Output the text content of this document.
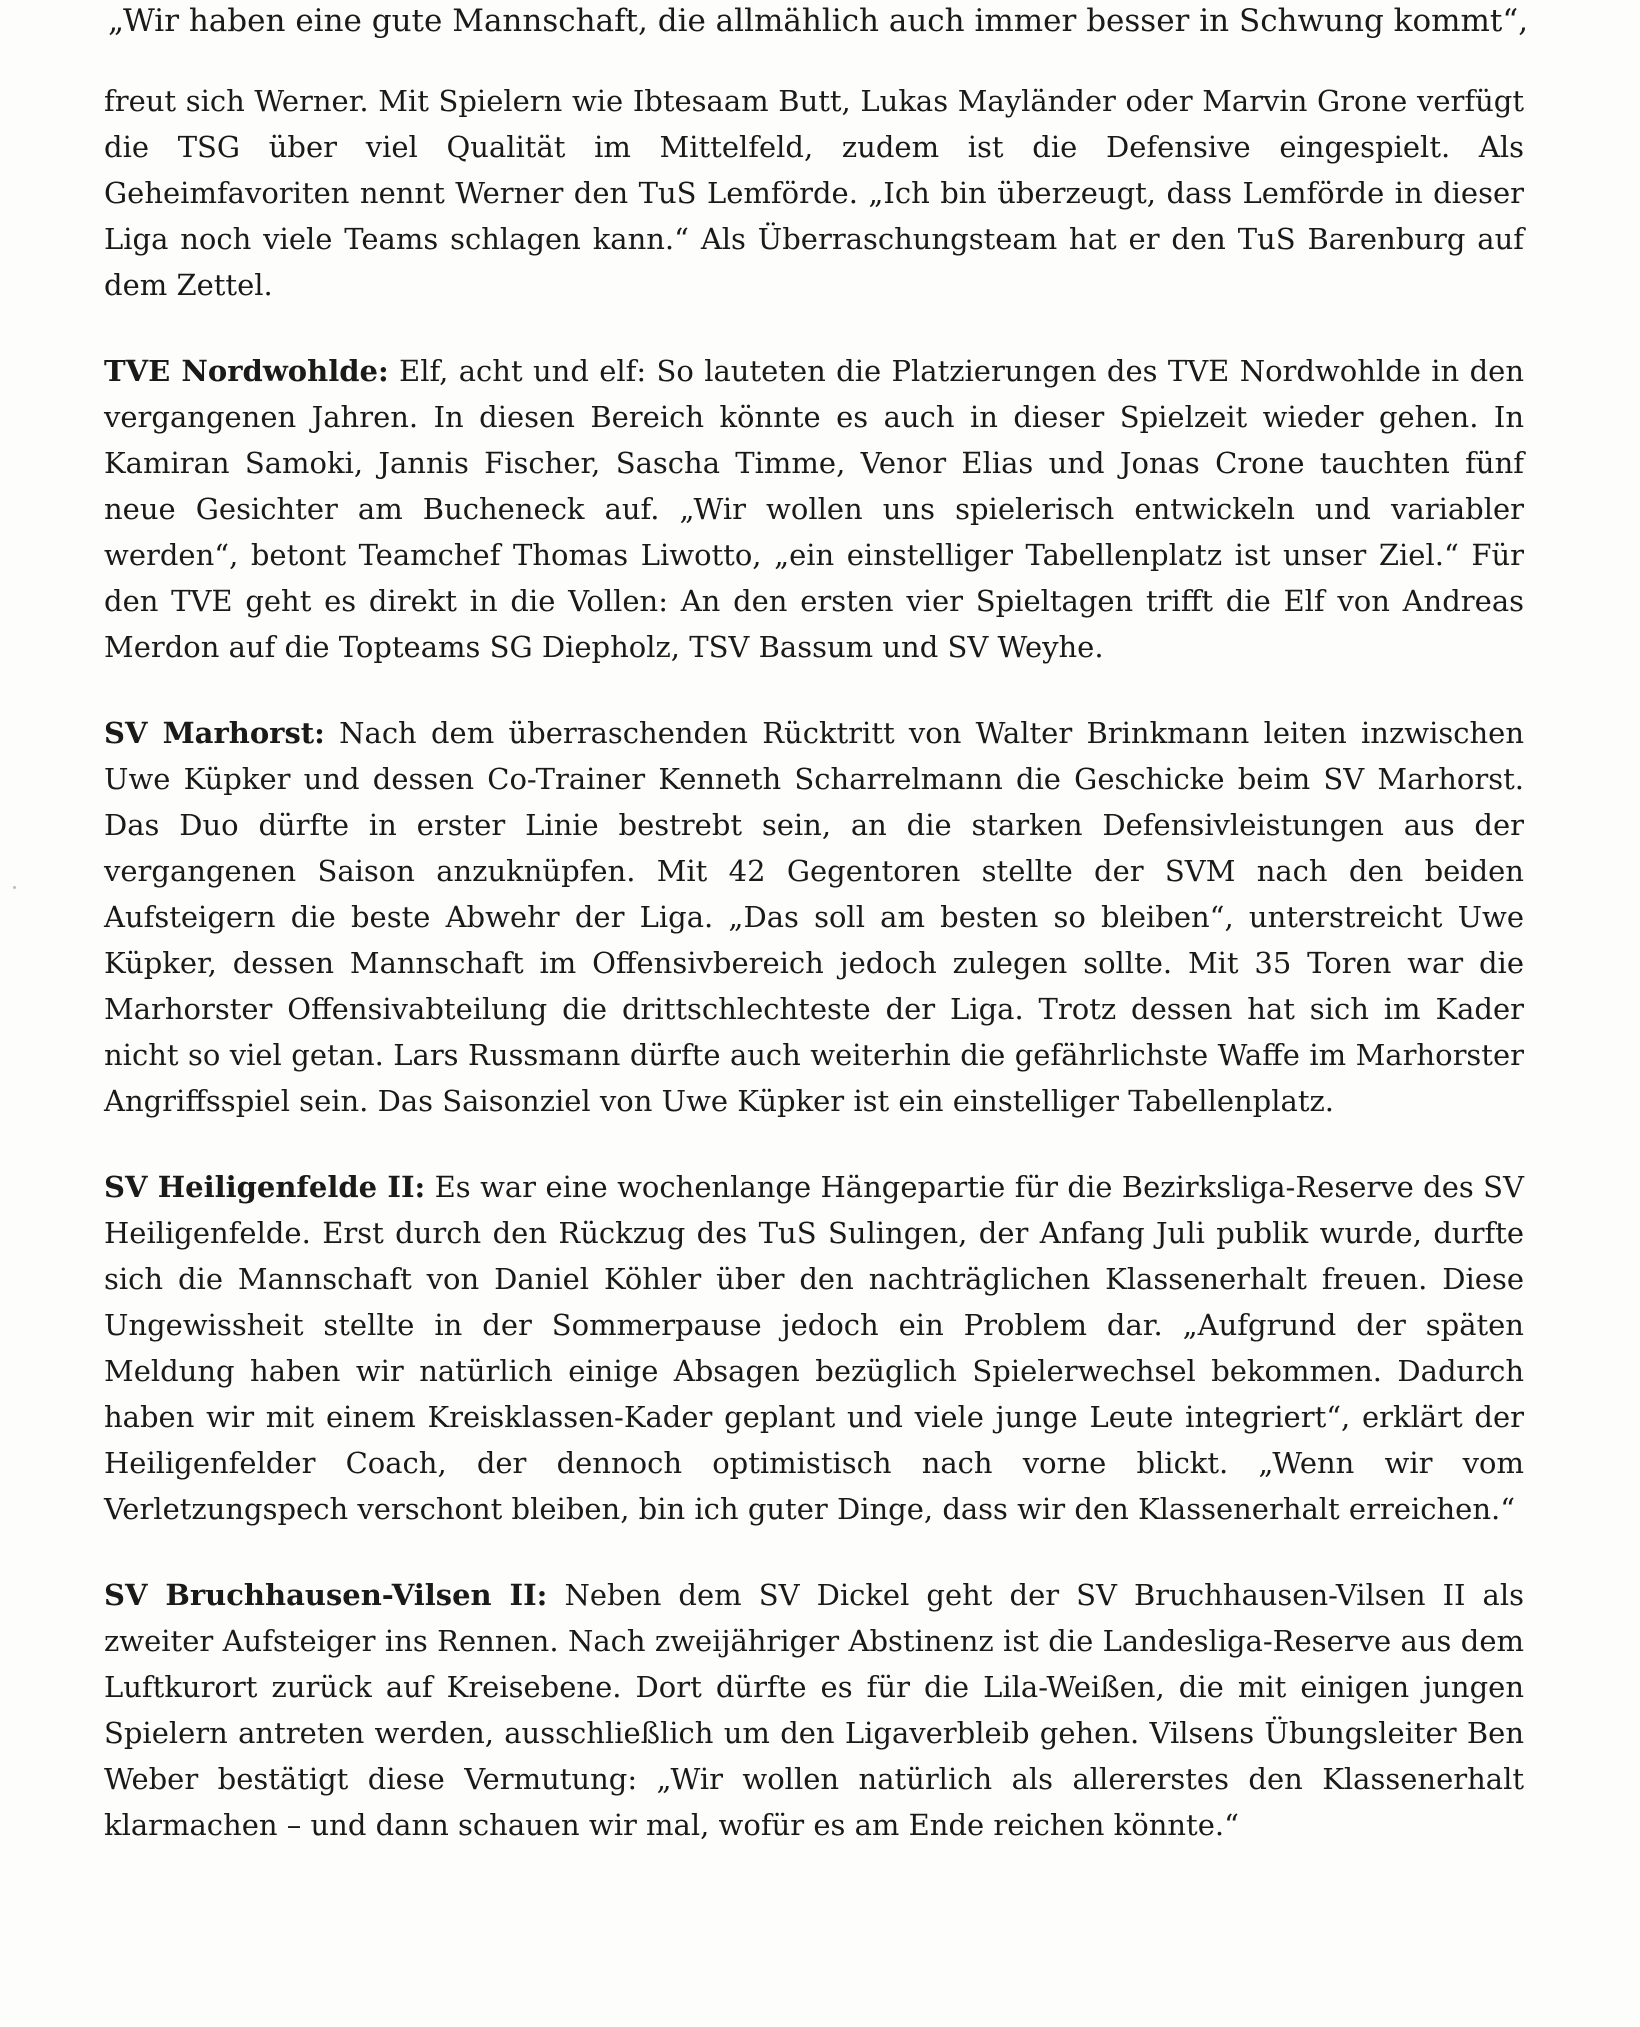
„Wir haben eine gute Mannschaft, die allmählich auch immer besser in Schwung kommt“,

freut sich Werner. Mit Spielern wie Ibtesaam Butt, Lukas Mayländer oder Marvin Grone verfügt die TSG über viel Qualität im Mittelfeld, zudem ist die Defensive eingespielt. Als Geheimfavoriten nennt Werner den TuS Lemförde. „Ich bin überzeugt, dass Lemförde in dieser Liga noch viele Teams schlagen kann.“ Als Überraschungsteam hat er den TuS Barenburg auf dem Zettel.

TVE Nordwohlde: Elf, acht und elf: So lauteten die Platzierungen des TVE Nordwohlde in den vergangenen Jahren. In diesen Bereich könnte es auch in dieser Spielzeit wieder gehen. In Kamiran Samoki, Jannis Fischer, Sascha Timme, Venor Elias und Jonas Crone tauchten fünf neue Gesichter am Bucheneck auf. „Wir wollen uns spielerisch entwickeln und variabler werden“, betont Teamchef Thomas Liwotto, „ein einstelliger Tabellenplatz ist unser Ziel.“ Für den TVE geht es direkt in die Vollen: An den ersten vier Spieltagen trifft die Elf von Andreas Merdon auf die Topteams SG Diepholz, TSV Bassum und SV Weyhe.

SV Marhorst: Nach dem überraschenden Rücktritt von Walter Brinkmann leiten inzwischen Uwe Küpker und dessen Co-Trainer Kenneth Scharrelmann die Geschicke beim SV Marhorst. Das Duo dürfte in erster Linie bestrebt sein, an die starken Defensivleistungen aus der vergangenen Saison anzuknüpfen. Mit 42 Gegentoren stellte der SVM nach den beiden Aufsteigern die beste Abwehr der Liga. „Das soll am besten so bleiben“, unterstreicht Uwe Küpker, dessen Mannschaft im Offensivbereich jedoch zulegen sollte. Mit 35 Toren war die Marhorster Offensivabteilung die drittschlechteste der Liga. Trotz dessen hat sich im Kader nicht so viel getan. Lars Russmann dürfte auch weiterhin die gefährlichste Waffe im Marhorster Angriffsspiel sein. Das Saisonziel von Uwe Küpker ist ein einstelliger Tabellenplatz.

SV Heiligenfelde II: Es war eine wochenlange Hängepartie für die Bezirksliga-Reserve des SV Heiligenfelde. Erst durch den Rückzug des TuS Sulingen, der Anfang Juli publik wurde, durfte sich die Mannschaft von Daniel Köhler über den nachträglichen Klassenerhalt freuen. Diese Ungewissheit stellte in der Sommerpause jedoch ein Problem dar. „Aufgrund der späten Meldung haben wir natürlich einige Absagen bezüglich Spielerwechsel bekommen. Dadurch haben wir mit einem Kreisklassen-Kader geplant und viele junge Leute integriert“, erklärt der Heiligenfelder Coach, der dennoch optimistisch nach vorne blickt. „Wenn wir vom Verletzungspech verschont bleiben, bin ich guter Dinge, dass wir den Klassenerhalt erreichen.“

SV Bruchhausen-Vilsen II: Neben dem SV Dickel geht der SV Bruchhausen-Vilsen II als zweiter Aufsteiger ins Rennen. Nach zweijähriger Abstinenz ist die Landesliga-Reserve aus dem Luftkurort zurück auf Kreisebene. Dort dürfte es für die Lila-Weißen, die mit einigen jungen Spielern antreten werden, ausschließlich um den Ligaverbleib gehen. Vilsens Übungsleiter Ben Weber bestätigt diese Vermutung: „Wir wollen natürlich als allererstes den Klassenerhalt klarmachen – und dann schauen wir mal, wofür es am Ende reichen könnte.“
